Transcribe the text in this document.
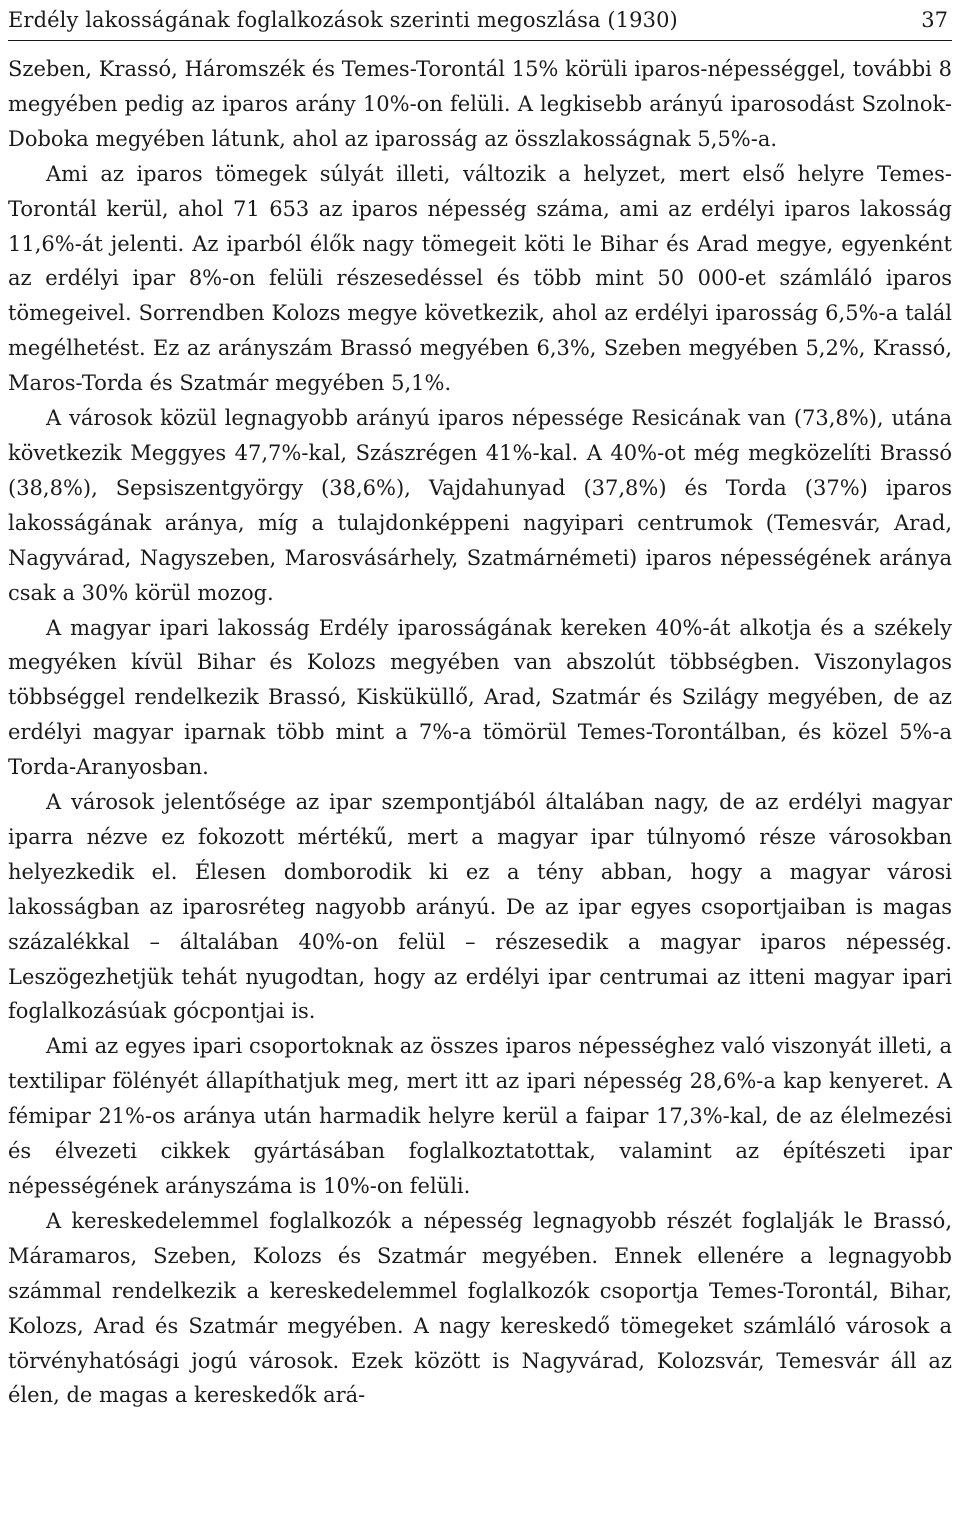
Erdély lakosságának foglalkozások szerinti megoszlása (1930)	37

Szeben, Krassó, Háromszék és Temes-Torontál 15% körüli iparos-népességgel, további 8 megyében pedig az iparos arány 10%-on felüli. A legkisebb arányú iparosodást Szolnok-Doboka megyében látunk, ahol az iparosság az összlakosságnak 5,5%-a.

Ami az iparos tömegek súlyát illeti, változik a helyzet, mert első helyre Temes-Torontál kerül, ahol 71 653 az iparos népesség száma, ami az erdélyi iparos lakosság 11,6%-át jelenti. Az iparból élők nagy tömegeit köti le Bihar és Arad megye, egyenként az erdélyi ipar 8%-on felüli részesedéssel és több mint 50 000-et számláló iparos tömegeivel. Sorrendben Kolozs megye következik, ahol az erdélyi iparosság 6,5%-a talál megélhetést. Ez az arányszám Brassó megyében 6,3%, Szeben megyében 5,2%, Krassó, Maros-Torda és Szatmár megyében 5,1%.

A városok közül legnagyobb arányú iparos népessége Resicának van (73,8%), utána következik Meggyes 47,7%-kal, Szászrégen 41%-kal. A 40%-ot még megközelíti Brassó (38,8%), Sepsiszentgyörgy (38,6%), Vajdahunyad (37,8%) és Torda (37%) iparos lakosságának aránya, míg a tulajdonképpeni nagyipari centrumok (Temesvár, Arad, Nagyvárad, Nagyszeben, Marosvásárhely, Szatmárnémeti) iparos népességének aránya csak a 30% körül mozog.

A magyar ipari lakosság Erdély iparosságának kereken 40%-át alkotja és a székely megyéken kívül Bihar és Kolozs megyében van abszolút többségben. Viszonylagos többséggel rendelkezik Brassó, Kisküküllő, Arad, Szatmár és Szilágy megyében, de az erdélyi magyar iparnak több mint a 7%-a tömörül Temes-Torontálban, és közel 5%-a Torda-Aranyosban.

A városok jelentősége az ipar szempontjából általában nagy, de az erdélyi magyar iparra nézve ez fokozott mértékű, mert a magyar ipar túlnyomó része városokban helyezkedik el. Élesen domborodik ki ez a tény abban, hogy a magyar városi lakosságban az iparosréteg nagyobb arányú. De az ipar egyes csoportjaiban is magas százalékkal – általában 40%-on felül – részesedik a magyar iparos népesség. Leszögezhetjük tehát nyugodtan, hogy az erdélyi ipar centrumai az itteni magyar ipari foglalkozásúak gócpontjai is.

Ami az egyes ipari csoportoknak az összes iparos népességhez való viszonyát illeti, a textilipar fölényét állapíthatjuk meg, mert itt az ipari népesség 28,6%-a kap kenyeret. A fémipar 21%-os aránya után harmadik helyre kerül a faipar 17,3%-kal, de az élelmezési és élvezeti cikkek gyártásában foglalkoztatottak, valamint az építészeti ipar népességének arányszáma is 10%-on felüli.

A kereskedelemmel foglalkozók a népesség legnagyobb részét foglalják le Brassó, Máramaros, Szeben, Kolozs és Szatmár megyében. Ennek ellenére a legnagyobb számmal rendelkezik a kereskedelemmel foglalkozók csoportja Temes-Torontál, Bihar, Kolozs, Arad és Szatmár megyében. A nagy kereskedő tömegeket számláló városok a törvényhatósági jogú városok. Ezek között is Nagyvárad, Kolozsvár, Temesvár áll az élen, de magas a kereskedők ará-
